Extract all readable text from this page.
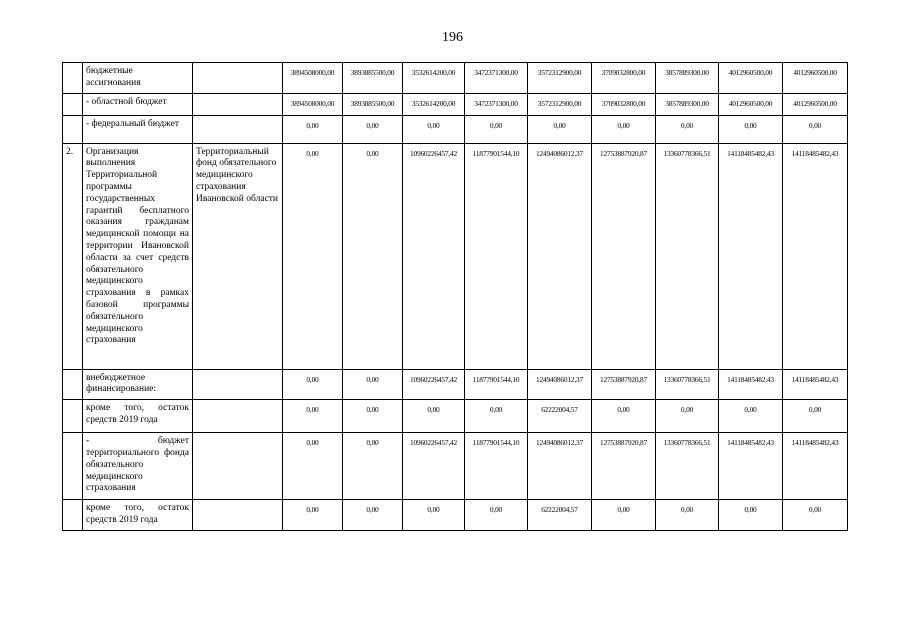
196
	бюджетные ассигнования		3894508000,00	3893885500,00	3532614200,00	3472371300,00	3572312900,00	3709032800,00	3857889300,00	4012960500,00	4012960500,00
	- областной бюджет		3894508000,00	3893885500,00	3532614200,00	3472371300,00	3572312900,00	3709032800,00	3857889300,00	4012960500,00	4012960500,00
	- федеральный бюджет		0,00	0,00	0,00	0,00	0,00	0,00	0,00	0,00	0,00
2.	Организация выполнения Территориальной программы государственных гарантий бесплатного оказания гражданам медицинской помощи на территории Ивановской области за счет средств обязательного медицинского страхования в рамках базовой программы обязательного медицинского страхования	Территориальный фонд обязательного медицинского страхования Ивановской области	0,00	0,00	10960226457,42	11877901544,10	12494086012,37	12753887920,87	13360778366,51	14118485482,43	14118485482,43
	внебюджетное финансирование:		0,00	0,00	10960226457,42	11877901544,10	12494086012,37	12753887920,87	13360778366,51	14118485482,43	14118485482,43
	кроме того, остаток средств 2019 года		0,00	0,00	0,00	0,00	62222004,57	0,00	0,00	0,00	0,00
	- бюджет территориального фонда обязательного медицинского страхования		0,00	0,00	10960226457,42	11877901544,10	12494086012,37	12753887920,87	13360778366,51	14118485482,43	14118485482,43
	кроме того, остаток средств 2019 года		0,00	0,00	0,00	0,00	62222004,57	0,00	0,00	0,00	0,00
